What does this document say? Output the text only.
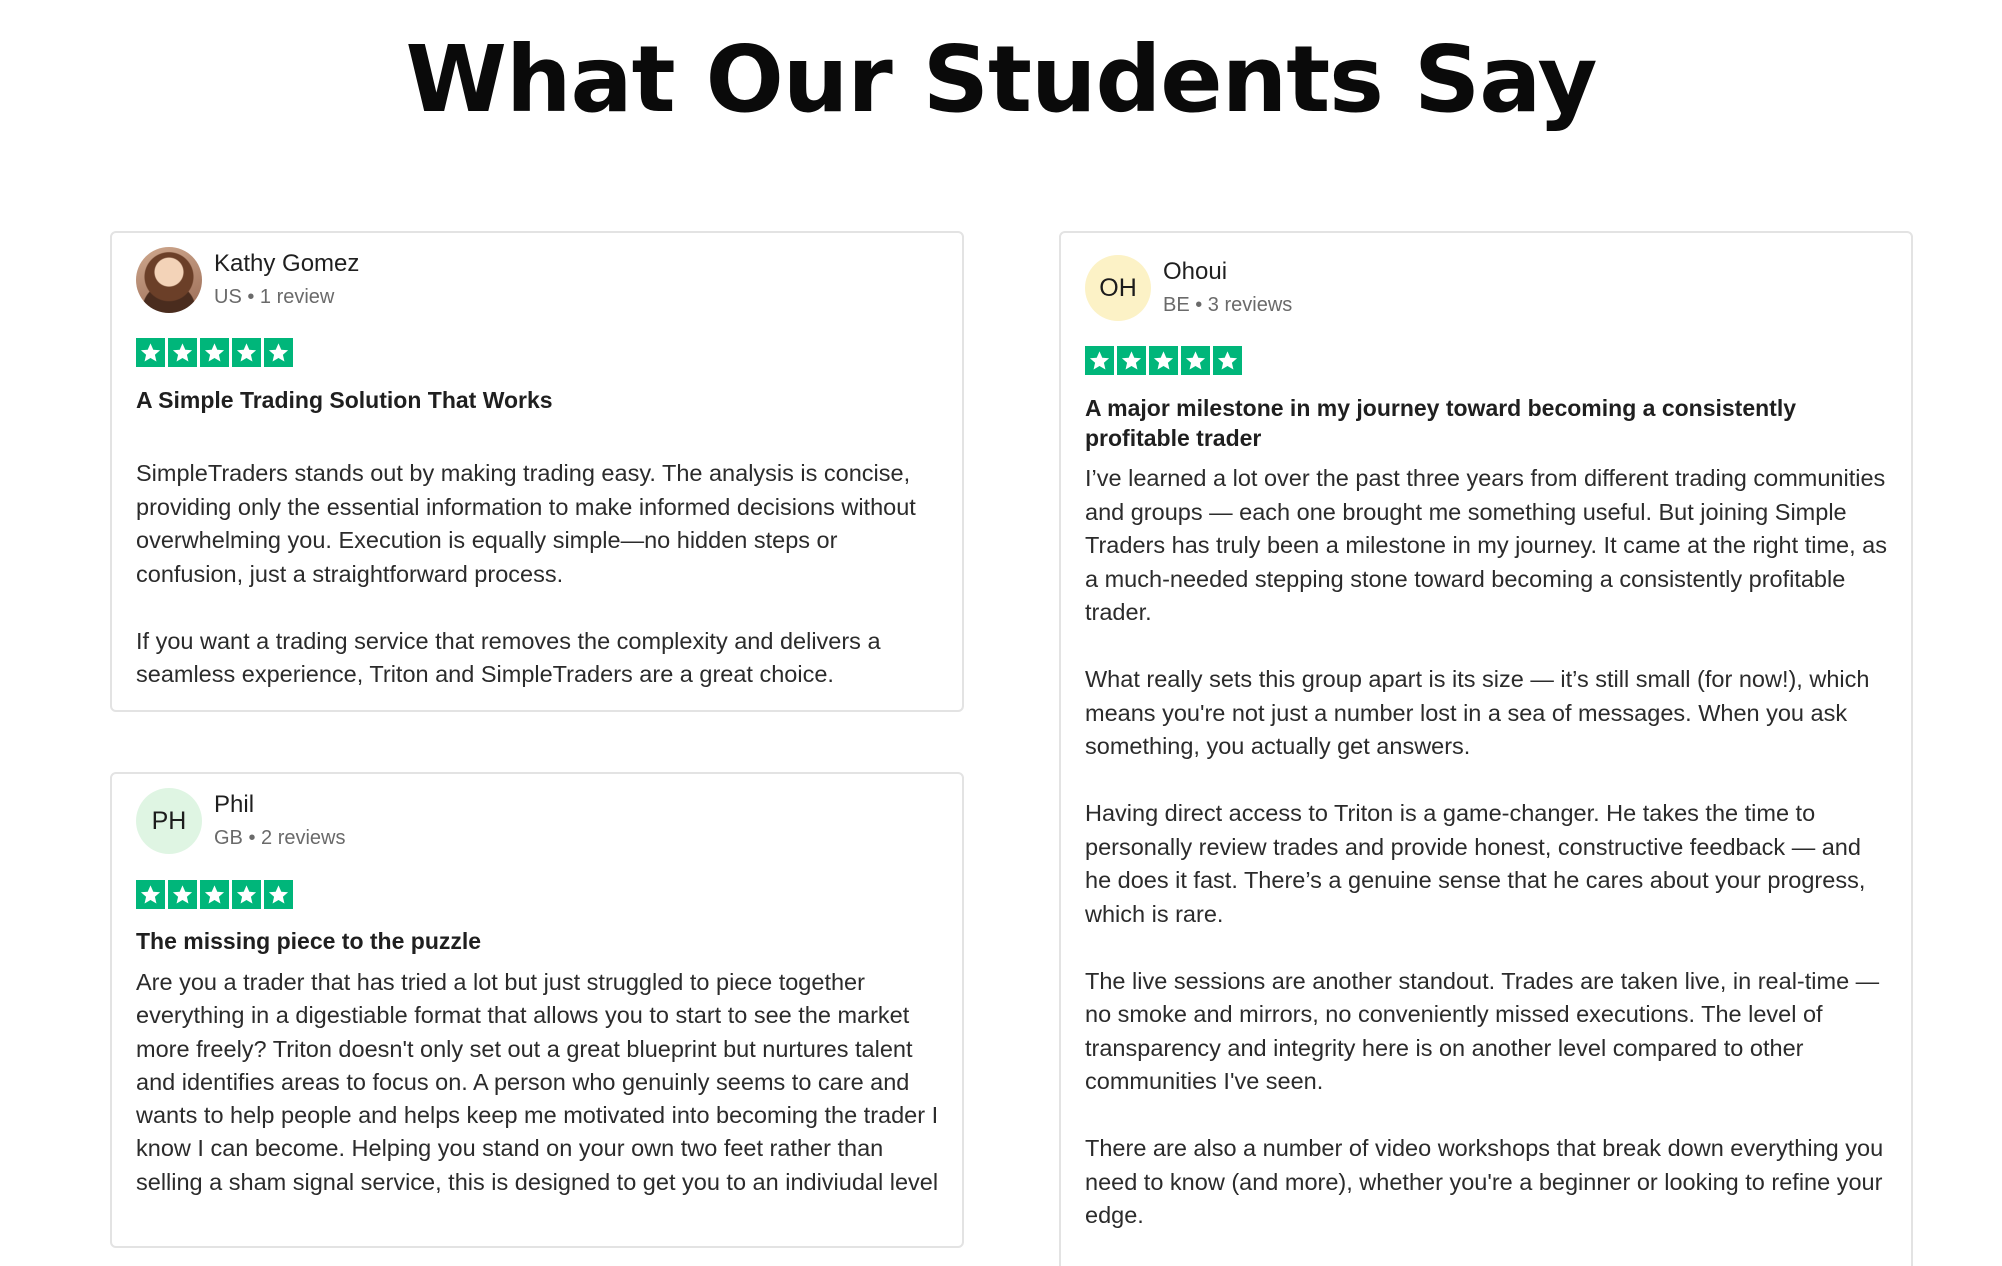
What Our Students Say
Kathy Gomez
US • 1 review
A Simple Trading Solution That Works

SimpleTraders stands out by making trading easy. The analysis is concise, providing only the essential information to make informed decisions without overwhelming you. Execution is equally simple—no hidden steps or confusion, just a straightforward process.

If you want a trading service that removes the complexity and delivers a seamless experience, Triton and SimpleTraders are a great choice.

PH
Phil
GB • 2 reviews
The missing piece to the puzzle

Are you a trader that has tried a lot but just struggled to piece together everything in a digestiable format that allows you to start to see the market more freely? Triton doesn't only set out a great blueprint but nurtures talent and identifies areas to focus on. A person who genuinly seems to care and wants to help people and helps keep me motivated into becoming the trader I know I can become. Helping you stand on your own two feet rather than selling a sham signal service, this is designed to get you to an indiviudal level

OH
Ohoui
BE • 3 reviews
A major milestone in my journey toward becoming a consistently profitable trader

I’ve learned a lot over the past three years from different trading communities and groups — each one brought me something useful. But joining Simple Traders has truly been a milestone in my journey. It came at the right time, as a much-needed stepping stone toward becoming a consistently profitable trader.

What really sets this group apart is its size — it’s still small (for now!), which means you're not just a number lost in a sea of messages. When you ask something, you actually get answers.

Having direct access to Triton is a game-changer. He takes the time to personally review trades and provide honest, constructive feedback — and he does it fast. There’s a genuine sense that he cares about your progress, which is rare.

The live sessions are another standout. Trades are taken live, in real-time — no smoke and mirrors, no conveniently missed executions. The level of transparency and integrity here is on another level compared to other communities I've seen.

There are also a number of video workshops that break down everything you need to know (and more), whether you're a beginner or looking to refine your edge.
